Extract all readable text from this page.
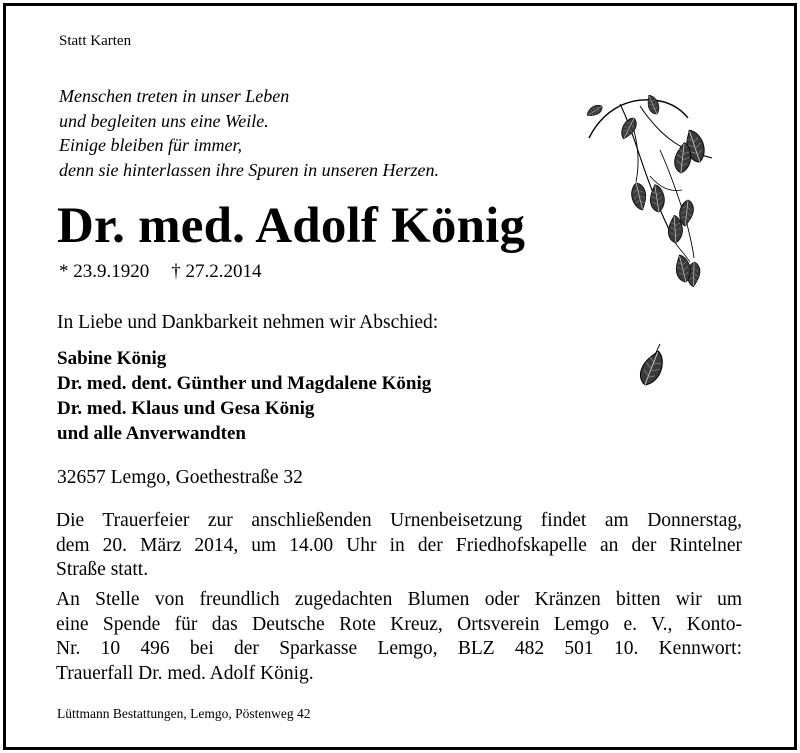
Statt Karten
Menschen treten in unser Leben
und begleiten uns eine Weile.
Einige bleiben für immer,
denn sie hinterlassen ihre Spuren in unseren Herzen.
Dr. med. Adolf König
* 23.9.1920 † 27.2.2014
In Liebe und Dankbarkeit nehmen wir Abschied:
Sabine König
Dr. med. dent. Günther und Magdalene König
Dr. med. Klaus und Gesa König
und alle Anverwandten
32657 Lemgo, Goethestraße 32
Die Trauerfeier zur anschließenden Urnenbeisetzung findet am Donnerstag,
dem 20. März 2014, um 14.00 Uhr in der Friedhofskapelle an der Rintelner
Straße statt.
An Stelle von freundlich zugedachten Blumen oder Kränzen bitten wir um
eine Spende für das Deutsche Rote Kreuz, Ortsverein Lemgo e. V., Konto-
Nr. 10 496 bei der Sparkasse Lemgo, BLZ 482 501 10. Kennwort:
Trauerfall Dr. med. Adolf König.
Lüttmann Bestattungen, Lemgo, Pöstenweg 42
